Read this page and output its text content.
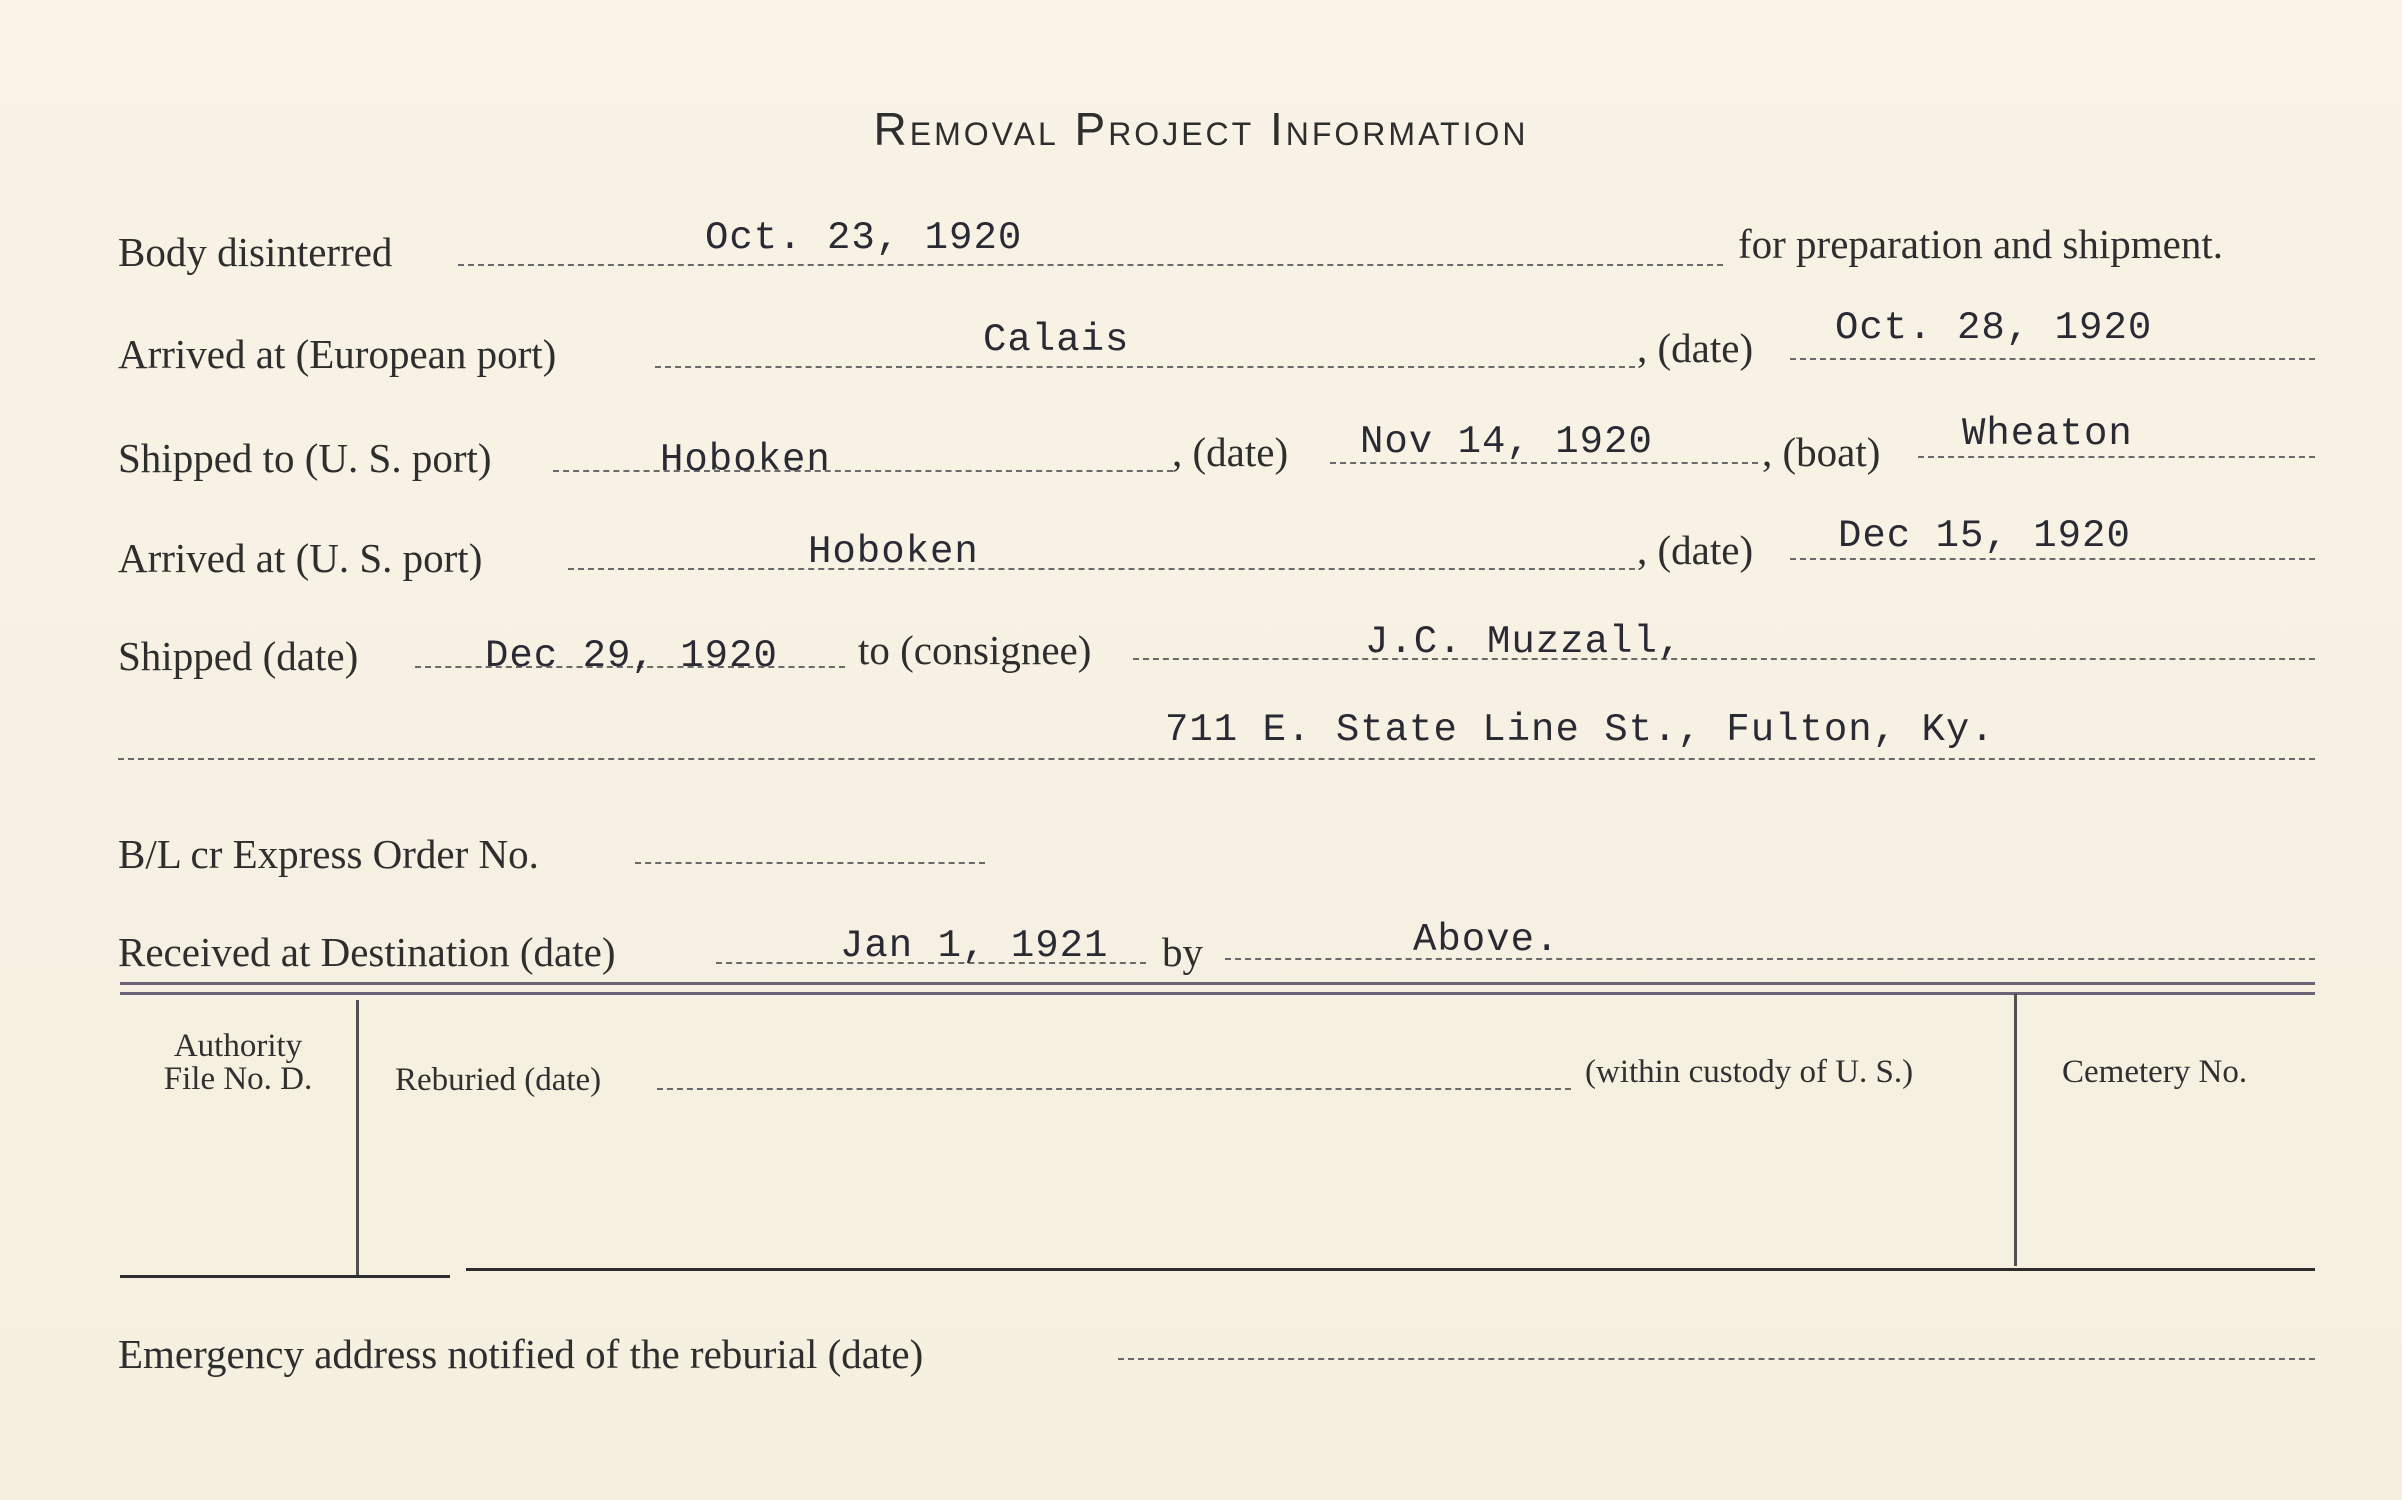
Removal Project Information
Body disinterred	Oct. 23, 1920	for preparation and shipment.
Arrived at (European port)	Calais	, (date) Oct. 28, 1920
Shipped to (U. S. port)	Hoboken	, (date) Nov 14, 1920	, (boat) Wheaton
Arrived at (U. S. port)	Hoboken	, (date) Dec 15, 1920
Shipped (date)	Dec 29, 1920 to (consignee)	J.C. Muzzall,
711 E. State Line St., Fulton, Ky.
B/L cr Express Order No.
Received at Destination (date)	Jan 1, 1921 by	Above.
Authority
File No. D.	Reburied (date)	(within custody of U. S.)	Cemetery No.
Emergency address notified of the reburial (date)
